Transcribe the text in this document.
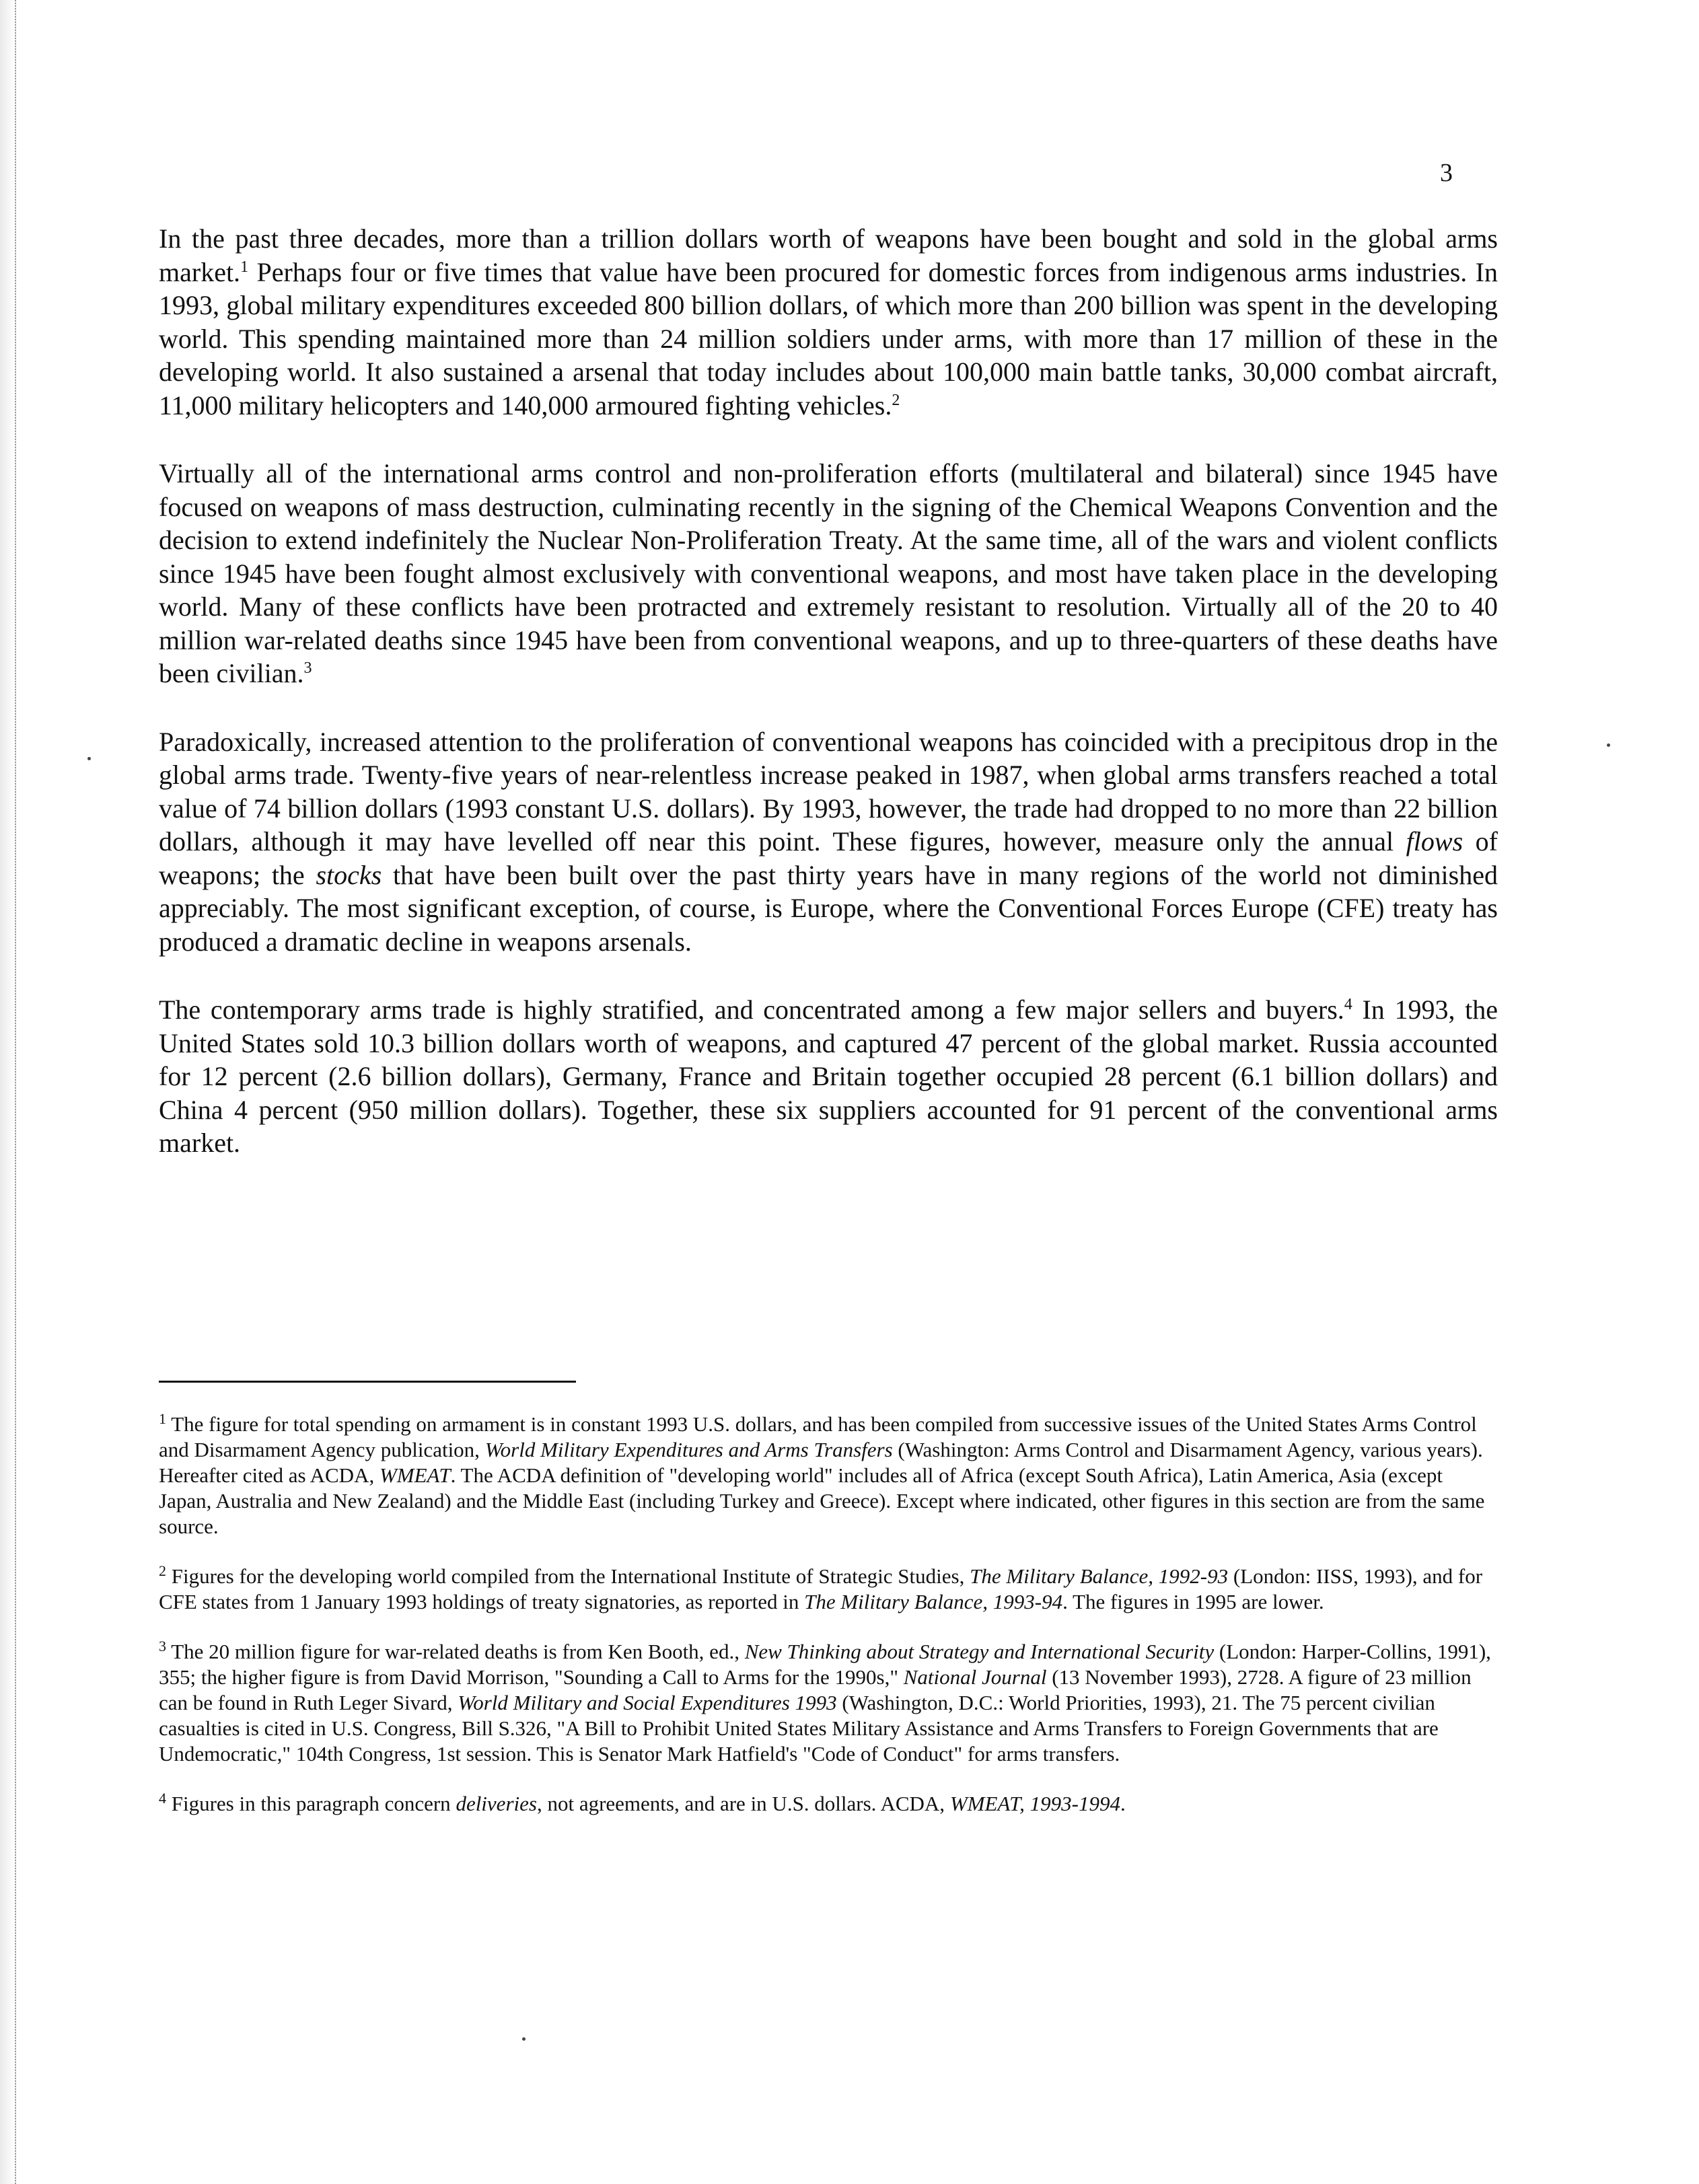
3

In the past three decades, more than a trillion dollars worth of weapons have been bought and sold in the global arms market.$^1$ Perhaps four or five times that value have been procured for domestic forces from indigenous arms industries. In 1993, global military expenditures exceeded 800 billion dollars, of which more than 200 billion was spent in the developing world. This spending maintained more than 24 million soldiers under arms, with more than 17 million of these in the developing world. It also sustained a arsenal that today includes about 100,000 main battle tanks, 30,000 combat aircraft, 11,000 military helicopters and 140,000 armoured fighting vehicles.$^2$

Virtually all of the international arms control and non-proliferation efforts (multilateral and bilateral) since 1945 have focused on weapons of mass destruction, culminating recently in the signing of the Chemical Weapons Convention and the decision to extend indefinitely the Nuclear Non-Proliferation Treaty. At the same time, all of the wars and violent conflicts since 1945 have been fought almost exclusively with conventional weapons, and most have taken place in the developing world. Many of these conflicts have been protracted and extremely resistant to resolution. Virtually all of the 20 to 40 million war-related deaths since 1945 have been from conventional weapons, and up to three-quarters of these deaths have been civilian.$^3$

Paradoxically, increased attention to the proliferation of conventional weapons has coincided with a precipitous drop in the global arms trade. Twenty-five years of near-relentless increase peaked in 1987, when global arms transfers reached a total value of 74 billion dollars (1993 constant U.S. dollars). By 1993, however, the trade had dropped to no more than 22 billion dollars, although it may have levelled off near this point. These figures, however, measure only the annual flows of weapons; the stocks that have been built over the past thirty years have in many regions of the world not diminished appreciably. The most significant exception, of course, is Europe, where the Conventional Forces Europe (CFE) treaty has produced a dramatic decline in weapons arsenals.

The contemporary arms trade is highly stratified, and concentrated among a few major sellers and buyers.$^4$ In 1993, the United States sold 10.3 billion dollars worth of weapons, and captured 47 percent of the global market. Russia accounted for 12 percent (2.6 billion dollars), Germany, France and Britain together occupied 28 percent (6.1 billion dollars) and China 4 percent (950 million dollars). Together, these six suppliers accounted for 91 percent of the conventional arms market.

$^1$ The figure for total spending on armament is in constant 1993 U.S. dollars, and has been compiled from successive issues of the United States Arms Control and Disarmament Agency publication, World Military Expenditures and Arms Transfers (Washington: Arms Control and Disarmament Agency, various years). Hereafter cited as ACDA, WMEAT. The ACDA definition of "developing world" includes all of Africa (except South Africa), Latin America, Asia (except Japan, Australia and New Zealand) and the Middle East (including Turkey and Greece). Except where indicated, other figures in this section are from the same source.
$^2$ Figures for the developing world compiled from the International Institute of Strategic Studies, The Military Balance, 1992-93 (London: IISS, 1993), and for CFE states from 1 January 1993 holdings of treaty signatories, as reported in The Military Balance, 1993-94. The figures in 1995 are lower.
$^3$ The 20 million figure for war-related deaths is from Ken Booth, ed., New Thinking about Strategy and International Security (London: Harper-Collins, 1991), 355; the higher figure is from David Morrison, "Sounding a Call to Arms for the 1990s," National Journal (13 November 1993), 2728. A figure of 23 million can be found in Ruth Leger Sivard, World Military and Social Expenditures 1993 (Washington, D.C.: World Priorities, 1993), 21. The 75 percent civilian casualties is cited in U.S. Congress, Bill S.326, "A Bill to Prohibit United States Military Assistance and Arms Transfers to Foreign Governments that are Undemocratic," 104th Congress, 1st session. This is Senator Mark Hatfield's "Code of Conduct" for arms transfers.
$^4$ Figures in this paragraph concern deliveries, not agreements, and are in U.S. dollars. ACDA, WMEAT, 1993-1994.
